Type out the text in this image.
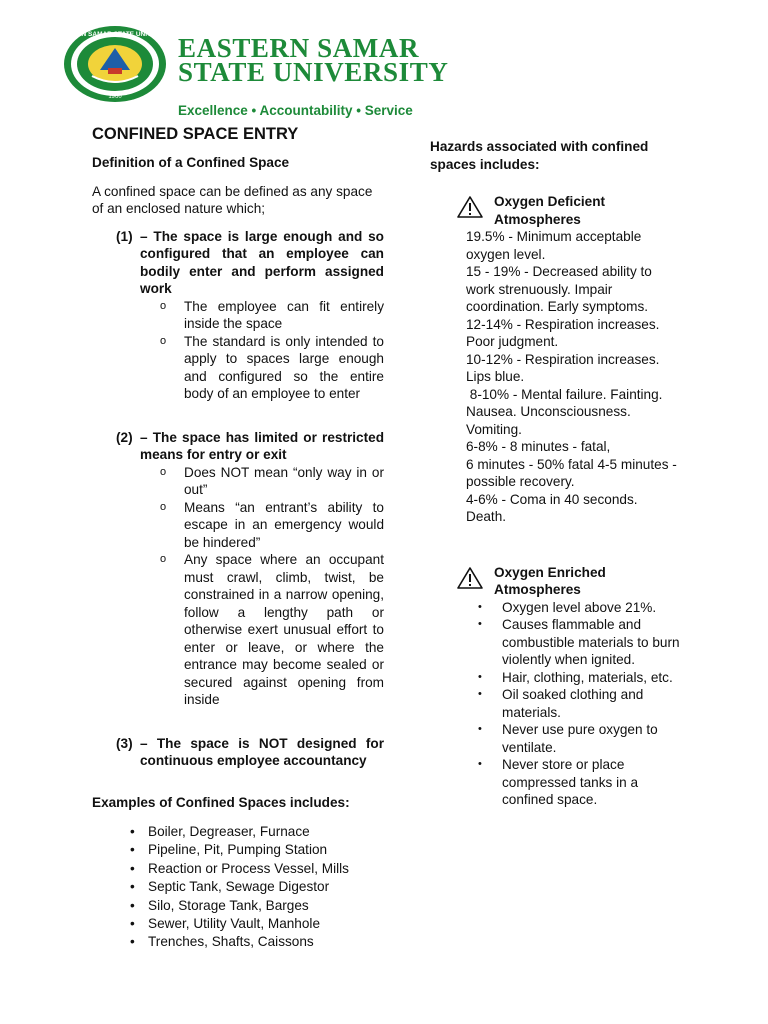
EASTERN SAMAR STATE UNIVERSITY
1960
EASTERN SAMAR
STATE UNIVERSITY
Excellence • Accountability • Service
CONFINED SPACE ENTRY
Definition of a Confined Space
A confined space can be defined as any space of an enclosed nature which;
(1) – The space is large enough and so configured that an employee can bodily enter and perform assigned work
o The employee can fit entirely inside the space
o The standard is only intended to apply to spaces large enough and configured so the entire body of an employee to enter
(2) – The space has limited or restricted means for entry or exit
o Does NOT mean “only way in or out”
o Means “an entrant’s ability to escape in an emergency would be hindered”
o Any space where an occupant must crawl, climb, twist, be constrained in a narrow opening, follow a lengthy path or otherwise exert unusual effort to enter or leave, or where the entrance may become sealed or secured against opening from inside
(3) – The space is NOT designed for continuous employee accountancy
Examples of Confined Spaces includes:
• Boiler, Degreaser, Furnace
• Pipeline, Pit, Pumping Station
• Reaction or Process Vessel, Mills
• Septic Tank, Sewage Digestor
• Silo, Storage Tank, Barges
• Sewer, Utility Vault, Manhole
• Trenches, Shafts, Caissons
Hazards associated with confined spaces includes:
Oxygen Deficient Atmospheres
19.5% - Minimum acceptable oxygen level.
15 - 19% - Decreased ability to work strenuously. Impair coordination. Early symptoms.
12-14% - Respiration increases. Poor judgment.
10-12% - Respiration increases. Lips blue.
8-10% - Mental failure. Fainting. Nausea. Unconsciousness. Vomiting.
6-8% - 8 minutes - fatal,
6 minutes - 50% fatal 4-5 minutes - possible recovery.
4-6% - Coma in 40 seconds. Death.
Oxygen Enriched Atmospheres
• Oxygen level above 21%.
• Causes flammable and combustible materials to burn violently when ignited.
• Hair, clothing, materials, etc.
• Oil soaked clothing and materials.
• Never use pure oxygen to ventilate.
• Never store or place compressed tanks in a confined space.
